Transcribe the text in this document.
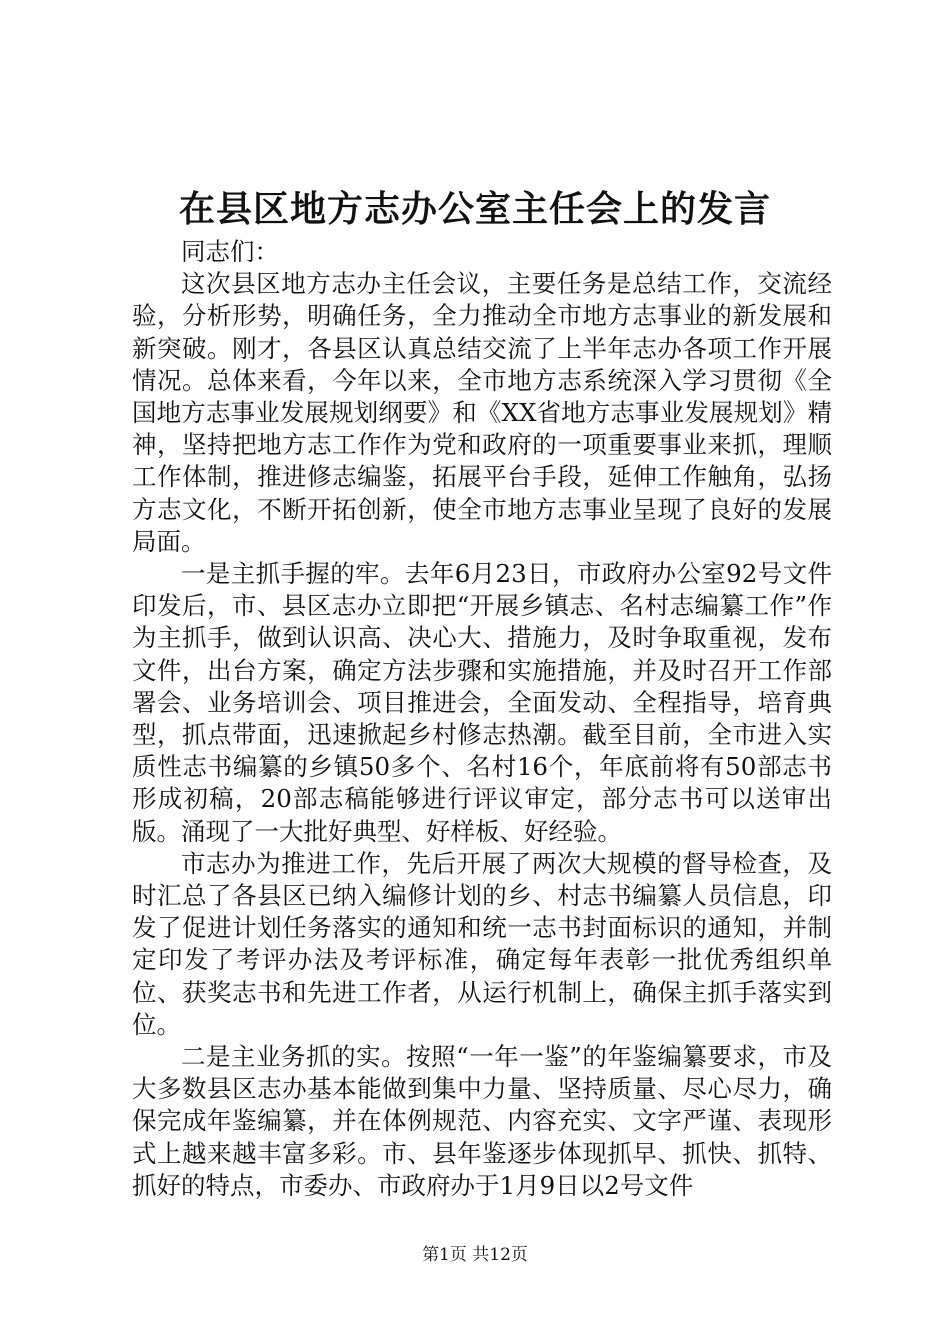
在县区地方志办公室主任会上的发言

同志们：

这次县区地方志办主任会议，主要任务是总结工作，交流经验，分析形势，明确任务，全力推动全市地方志事业的新发展和新突破。刚才，各县区认真总结交流了上半年志办各项工作开展情况。总体来看，今年以来，全市地方志系统深入学习贯彻《全国地方志事业发展规划纲要》和《XX省地方志事业发展规划》精神，坚持把地方志工作作为党和政府的一项重要事业来抓，理顺工作体制，推进修志编鉴，拓展平台手段，延伸工作触角，弘扬方志文化，不断开拓创新，使全市地方志事业呈现了良好的发展局面。

一是主抓手握的牢。去年6月23日，市政府办公室92号文件印发后，市、县区志办立即把“开展乡镇志、名村志编纂工作”作为主抓手，做到认识高、决心大、措施力，及时争取重视，发布文件，出台方案，确定方法步骤和实施措施，并及时召开工作部署会、业务培训会、项目推进会，全面发动、全程指导，培育典型，抓点带面，迅速掀起乡村修志热潮。截至目前，全市进入实质性志书编纂的乡镇50多个、名村16个，年底前将有50部志书形成初稿，20部志稿能够进行评议审定，部分志书可以送审出版。涌现了一大批好典型、好样板、好经验。

市志办为推进工作，先后开展了两次大规模的督导检查，及时汇总了各县区已纳入编修计划的乡、村志书编纂人员信息，印发了促进计划任务落实的通知和统一志书封面标识的通知，并制定印发了考评办法及考评标准，确定每年表彰一批优秀组织单位、获奖志书和先进工作者，从运行机制上，确保主抓手落实到位。

二是主业务抓的实。按照“一年一鉴”的年鉴编纂要求，市及大多数县区志办基本能做到集中力量、坚持质量、尽心尽力，确保完成年鉴编纂，并在体例规范、内容充实、文字严谨、表现形式上越来越丰富多彩。市、县年鉴逐步体现抓早、抓快、抓特、抓好的特点，市委办、市政府办于1月9日以2号文件

第1页 共12页
